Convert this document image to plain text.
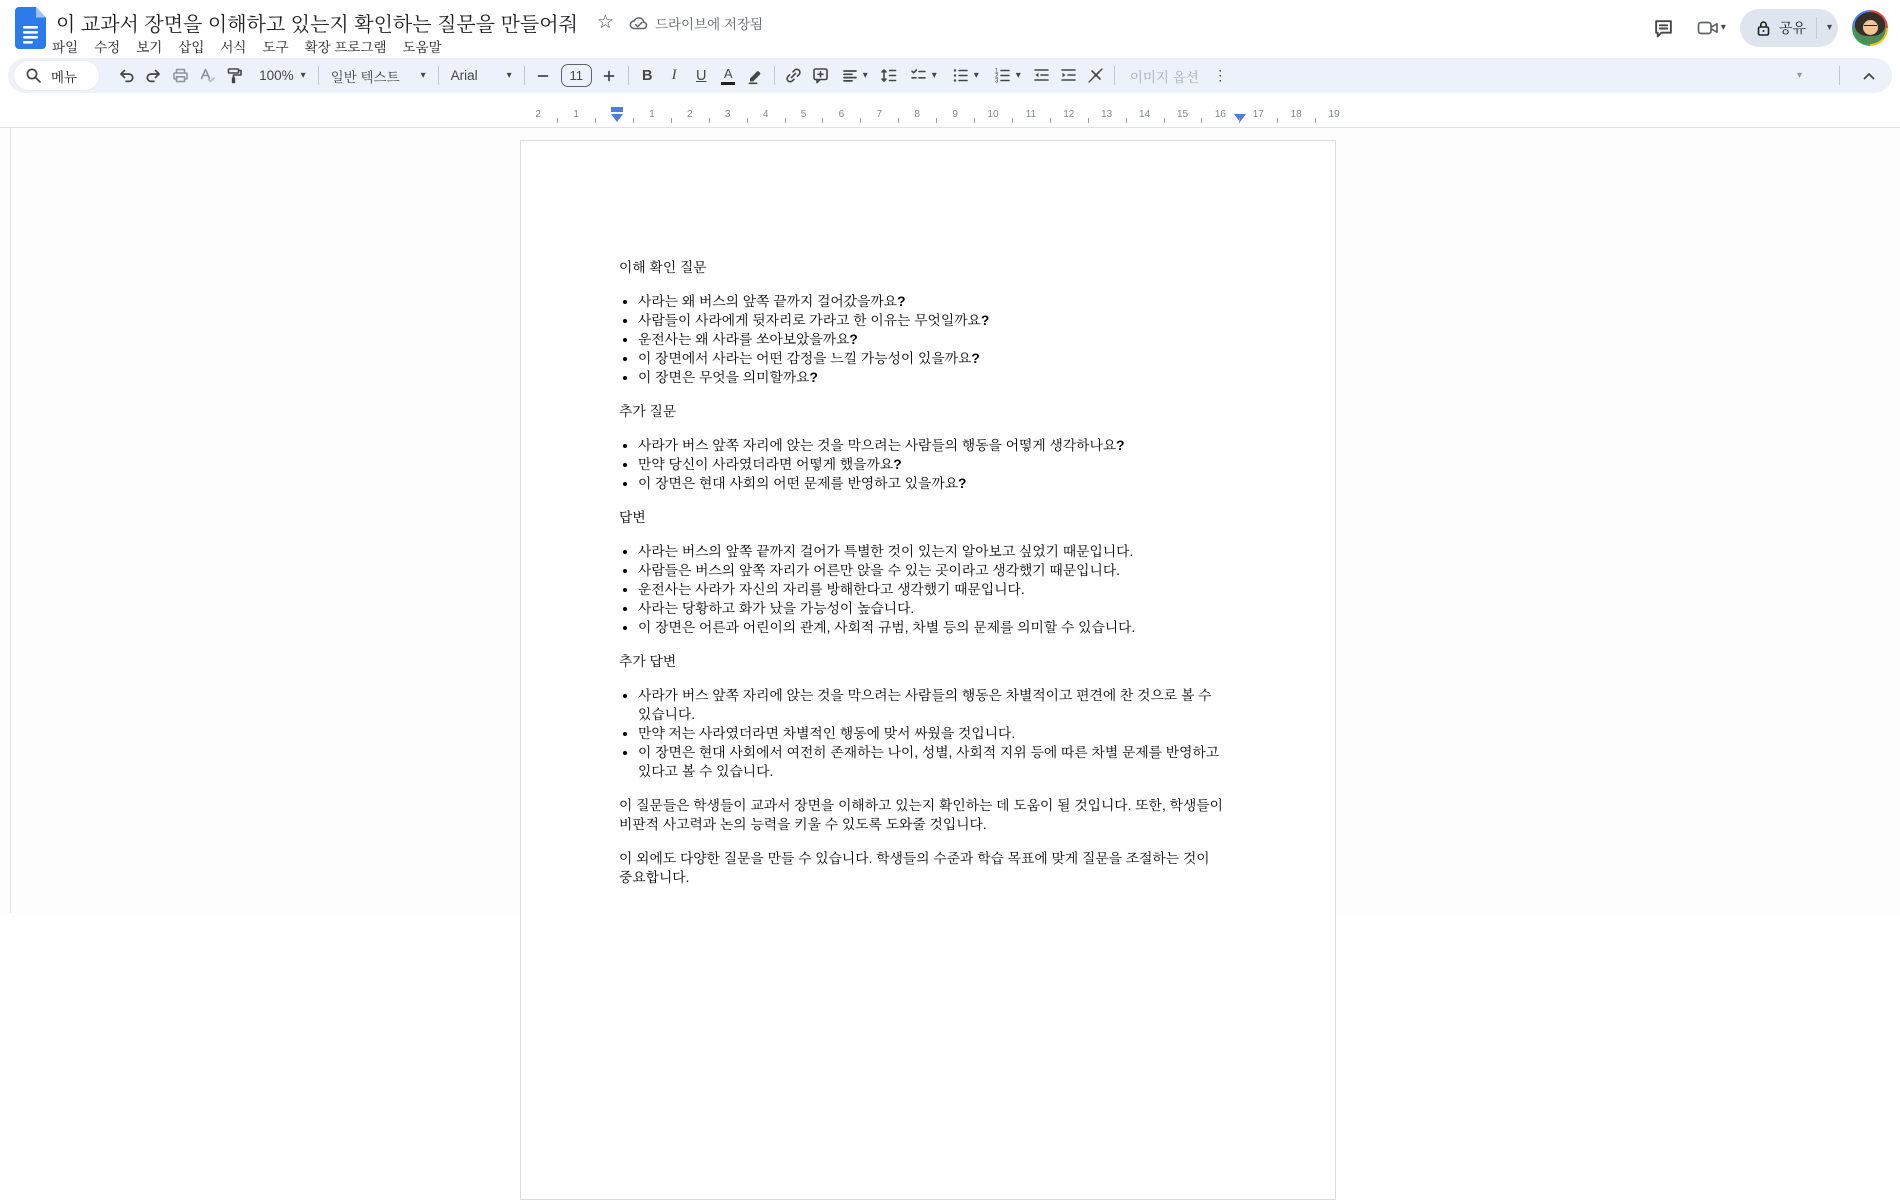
이 교과서 장면을 이해하고 있는지 확인하는 질문을 만들어줘 ☆	드라이브에 저장됨
파일	수정	보기	삽입	서식	도구	확장 프로그램	도움말
▾	공유 ▾
메뉴	100% ▾ 일반 텍스트 ▾ Arial	▾	11	B I U A	▾	▾	▾	1
2
3
▾	이미지 옵션 ⋮	▾
2	1	1	2	3	4	5	6	7	8	9	10	11	12	13	14	15	16	17	18	19
이해 확인 질문
• 사라는 왜 버스의 앞쪽 끝까지 걸어갔을까요?
• 사람들이 사라에게 뒷자리로 가라고 한 이유는 무엇일까요?
• 운전사는 왜 사라를 쏘아보았을까요?
• 이 장면에서 사라는 어떤 감정을 느낄 가능성이 있을까요?
• 이 장면은 무엇을 의미할까요?
추가 질문
• 사라가 버스 앞쪽 자리에 앉는 것을 막으려는 사람들의 행동을 어떻게 생각하나요?
• 만약 당신이 사라였더라면 어떻게 했을까요?
• 이 장면은 현대 사회의 어떤 문제를 반영하고 있을까요?
답변
• 사라는 버스의 앞쪽 끝까지 걸어가 특별한 것이 있는지 알아보고 싶었기 때문입니다.
• 사람들은 버스의 앞쪽 자리가 어른만 앉을 수 있는 곳이라고 생각했기 때문입니다.
• 운전사는 사라가 자신의 자리를 방해한다고 생각했기 때문입니다.
• 사라는 당황하고 화가 났을 가능성이 높습니다.
• 이 장면은 어른과 어린이의 관계, 사회적 규범, 차별 등의 문제를 의미할 수 있습니다.
추가 답변
• 사라가 버스 앞쪽 자리에 앉는 것을 막으려는 사람들의 행동은 차별적이고 편견에 찬 것으로 볼 수 있습니다.
• 만약 저는 사라였더라면 차별적인 행동에 맞서 싸웠을 것입니다.
• 이 장면은 현대 사회에서 여전히 존재하는 나이, 성별, 사회적 지위 등에 따른 차별 문제를 반영하고 있다고 볼 수 있습니다.
이 질문들은 학생들이 교과서 장면을 이해하고 있는지 확인하는 데 도움이 될 것입니다. 또한, 학생들이 비판적 사고력과 논의 능력을 키울 수 있도록 도와줄 것입니다.
이 외에도 다양한 질문을 만들 수 있습니다. 학생들의 수준과 학습 목표에 맞게 질문을 조절하는 것이 중요합니다.
